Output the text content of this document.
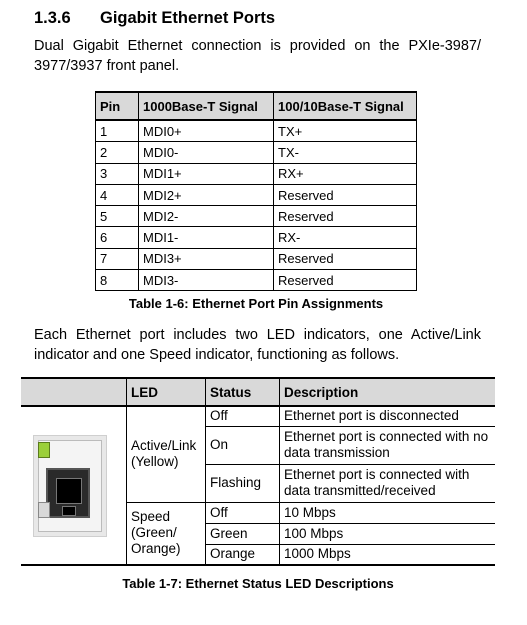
1.3.6 Gigabit Ethernet Ports
Dual Gigabit Ethernet connection is provided on the PXIe-3987/ 3977/3937 front panel.
Pin	1000Base-T Signal	100/10Base-T Signal
1	MDI0+	TX+
2	MDI0-	TX-
3	MDI1+	RX+
4	MDI2+	Reserved
5	MDI2-	Reserved
6	MDI1-	RX-
7	MDI3+	Reserved
8	MDI3-	Reserved
Table 1-6: Ethernet Port Pin Assignments
Each Ethernet port includes two LED indicators, one Active/Link indicator and one Speed indicator, functioning as follows.
	LED	Status	Description

	Active/Link (Yellow)	Off	Ethernet port is disconnected
		On	Ethernet port is connected with no data transmission
		Flashing	Ethernet port is connected with data transmitted/received
	Speed (Green/ Orange)	Off	10 Mbps
		Green	100 Mbps
		Orange	1000 Mbps
Table 1-7: Ethernet Status LED Descriptions
